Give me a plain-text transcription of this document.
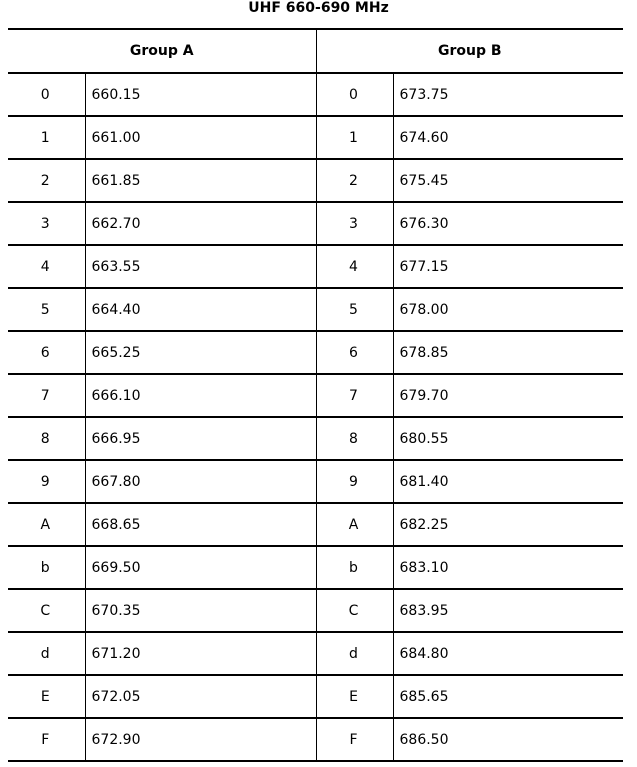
UHF 660-690 MHz
Group A		Group B	
0	660.15	0	673.75
1	661.00	1	674.60
2	661.85	2	675.45
3	662.70	3	676.30
4	663.55	4	677.15
5	664.40	5	678.00
6	665.25	6	678.85
7	666.10	7	679.70
8	666.95	8	680.55
9	667.80	9	681.40
A	668.65	A	682.25
b	669.50	b	683.10
C	670.35	C	683.95
d	671.20	d	684.80
E	672.05	E	685.65
F	672.90	F	686.50
